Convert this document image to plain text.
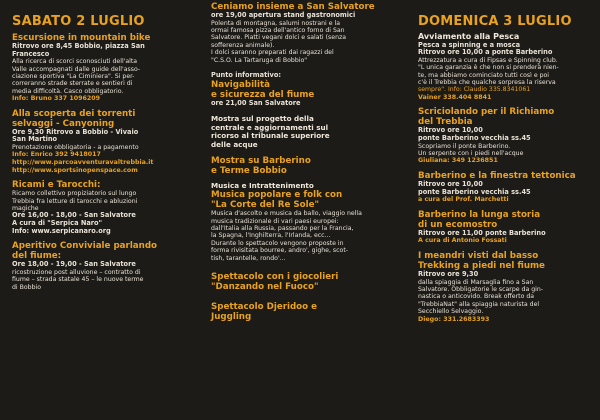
SABATO 2 LUGLIO
Escursione in mountain bike
Ritrovo ore 8,45 Bobbio, piazza San
Francesco
Alla ricerca di scorci sconosciuti dell'alta
Valle accompagnati dalle guide dell'asso-
ciazione sportiva "La Ciminiera". Si per-
correranno strade sterrate e sentieri di
media difficoltà. Casco obbligatorio.
Info: Bruno 337 1096209
Alla scoperta dei torrenti
selvaggi - Canyoning
Ore 9,30 Ritrovo a Bobbio - Vivaio
San Martino
Prenotazione obbligatoria - a pagamento
Info: Enrico 392 9418017
http://www.parcoavventuravaltrebbia.it
http://www.sportsinopenspace.com
Ricami e Tarocchi:
Ricamo collettivo propiziatorio sul lungo
Trebbia fra letture di tarocchi e abluzioni
magiche
Ore 16,00 - 18,00 - San Salvatore
A cura di "Serpica Naro"
Info: www.serpicanaro.org
Aperitivo Conviviale parlando
del fiume:
Ore 18,00 - 19,00 - San Salvatore
ricostruzione post alluvione – contratto di
fiume – strada statale 45 – le nuove terme
di Bobbio
Ceniamo insieme a San Salvatore
ore 19,00 apertura stand gastronomici
Polenta di montagna, salumi nostrani e la
ormai famosa pizza dell'antico forno di San
Salvatore. Piatti vegani dolci e salati (senza
sofferenza animale).
I dolci saranno preparati dai ragazzi del
"C.S.O. La Tartaruga di Bobbio"
Punto informativo:
Navigabilità
e sicurezza del fiume
ore 21,00 San Salvatore
Mostra sul progetto della
centrale e aggiornamenti sul
ricorso al tribunale superiore
delle acque
Mostra su Barberino
e Terme Bobbio
Musica e Intrattenimento
Musica popolare e folk con
"La Corte del Re Sole"
Musica d'ascolto e musica da ballo, viaggio nella
musica tradizionale di vari paesi europei:
dall'Italia alla Russia, passando per la Francia,
la Spagna, l'Inghilterra, l'Irlanda, ecc...
Durante lo spettacolo vengono proposte in
forma rivisitata bourree, andro', gighe, scot-
tish, tarantelle, rondo'...
Spettacolo con i giocolieri
"Danzando nel Fuoco"
Spettacolo Djeridoo e
Juggling
DOMENICA 3 LUGLIO
Avviamento alla Pesca
Pesca a spinning e a mosca
Ritrovo ore 10,00 a ponte Barberino
Attrezzatura a cura di Fipsas e Spinning club.
"L unica garanzia è che non si prenderà nien-
te, ma abbiamo cominciato tutti così e poi
c'è il Trebbia che qualche sorpresa la riserva
sempre". Info: Claudio 335.8341061
Vainer 338.404 8841
Scriciolando per il Richiamo
del Trebbia
Ritrovo ore 10,00
ponte Barberino vecchia ss.45
Scopriamo il ponte Barberino.
Un serpente con i piedi nell'acque
Giuliana: 349 1236851
Barberino e la finestra tettonica
Ritrovo ore 10,00
ponte Barberino vecchia ss.45
a cura del Prof. Marchetti
Barberino la lunga storia
di un ecomostro
Ritrovo ore 11,00 ponte Barberino
A cura di Antonio Fossati
I meandri visti dal basso
Trekking a piedi nel fiume
Ritrovo ore 9,30
dalla spiaggia di Marsaglia fino a San
Salvatore. Obbligatorie le scarpe da gin-
nastica o anticovido. Break offerto da
"TrebbiaNat" alla spiaggia naturista del
Secchiello Selvaggio.
Diego: 331.2683393
